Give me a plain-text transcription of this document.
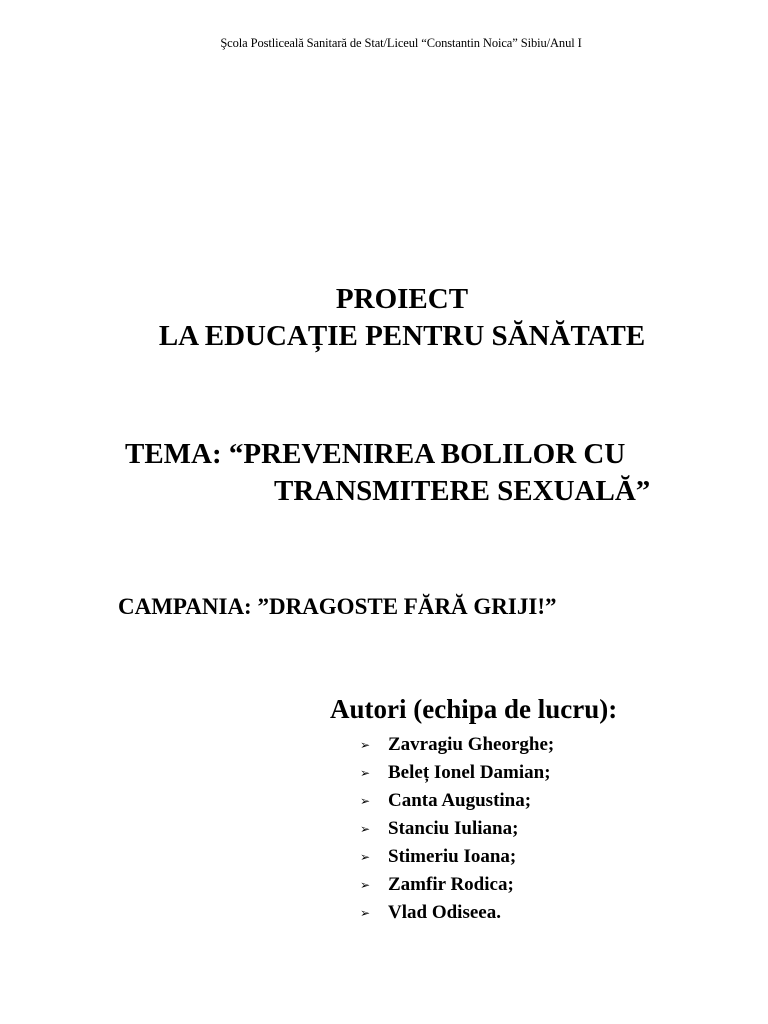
Şcola Postliceală Sanitară de Stat/Liceul “Constantin Noica” Sibiu/Anul I
PROIECT
LA EDUCAȚIE PENTRU SĂNĂTATE
TEMA: “PREVENIREA BOLILOR CU
TRANSMITERE SEXUALĂ”
CAMPANIA: ”DRAGOSTE FĂRĂ GRIJI!”
Autori (echipa de lucru):
➢ Zavragiu Gheorghe;
➢ Beleț Ionel Damian;
➢ Canta Augustina;
➢ Stanciu Iuliana;
➢ Stimeriu Ioana;
➢ Zamfir Rodica;
➢ Vlad Odiseea.
